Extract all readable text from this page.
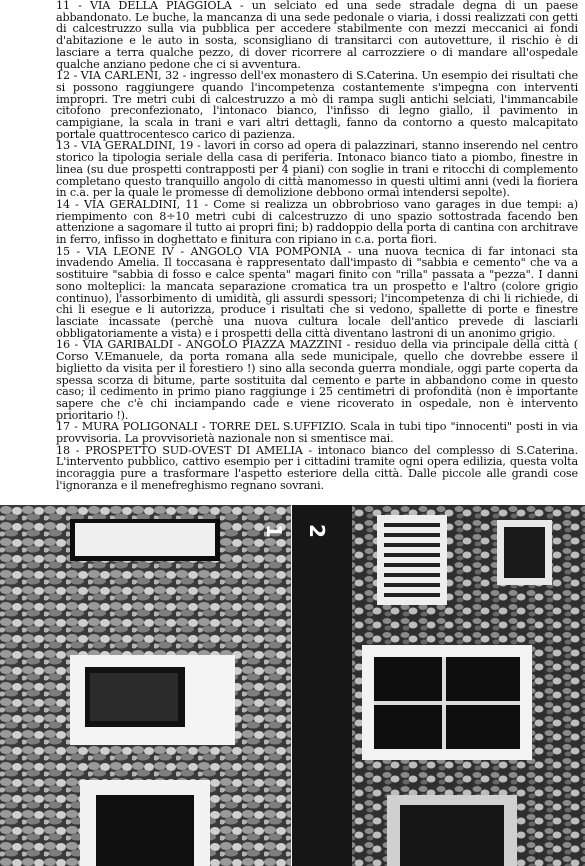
11 - VIA DELLA PIAGGIOLA - un selciato ed una sede stradale degna di un paese abbandonato. Le buche, la mancanza di una sede pedonale o viaria, i dossi realizzati con getti di calcestruzzo sulla via pubblica per accedere stabilmente con mezzi meccanici ai fondi d'abitazione e le auto in sosta, sconsigliano di transitarci con autovetture, il rischio è di lasciare a terra qualche pezzo, di dover ricorrere al carrozziere o di mandare all'ospedale qualche anziano pedone che ci si avventura.

12 - VIA CARLENI, 32 - ingresso dell'ex monastero di S.Caterina. Un esempio dei risultati che si possono raggiungere quando l'incompetenza costantemente s'impegna con interventi impropri. Tre metri cubi di calcestruzzo a mò di rampa sugli antichi selciati, l'immancabile citofono preconfezionato, l'intonaco bianco, l'infisso di legno giallo, il pavimento in campigiane, la scala in trani e vari altri dettagli, fanno da contorno a questo malcapitato portale quattrocentesco carico di pazienza.

13 - VIA GERALDINI, 19 - lavori in corso ad opera di palazzinari, stanno inserendo nel centro storico la tipologia seriale della casa di periferia. Intonaco bianco tiato a piombo, finestre in linea (su due prospetti contrapposti per 4 piani) con soglie in trani e ritocchi di complemento completano questo tranquillo angolo di città manomesso in questi ultimi anni (vedi la fioriera in c.a. per la quale le promesse di demolizione debbono ormai intendersi sepolte).

14 - VIA GERALDINI, 11 - Come si realizza un obbrobrioso vano garages in due tempi: a) riempimento con 8÷10 metri cubi di calcestruzzo di uno spazio sottostrada facendo ben attenzione a sagomare il tutto ai propri fini; b) raddoppio della porta di cantina con architrave in ferro, infisso in doghettato e finitura con ripiano in c.a. porta fiori.

15 - VIA LEONE IV - ANGOLO VIA POMPONIA - una nuova tecnica di far intonaci sta invadendo Amelia. Il toccasana è rappresentato dall'impasto di "sabbia e cemento" che va a sostituire "sabbia di fosso e calce spenta" magari finito con "rilla" passata a "pezza". I danni sono molteplici: la mancata separazione cromatica tra un prospetto e l'altro (colore grigio continuo), l'assorbimento di umidità, gli assurdi spessori; l'incompetenza di chi li richiede, di chi li esegue e li autorizza, produce i risultati che si vedono, spallette di porte e finestre lasciate incassate (perchè una nuova cultura locale dell'antico prevede di lasciarli obbligatoriamente a vista) e i prospetti della città diventano lastroni di un anonimo grigio.

16 - VIA GARIBALDI - ANGOLO PIAZZA MAZZINI - residuo della via principale della città ( Corso V.Emanuele, da porta romana alla sede municipale, quello che dovrebbe essere il biglietto da visita per il forestiero !) sino alla seconda guerra mondiale, oggi parte coperta da spessa scorza di bitume, parte sostituita dal cemento e parte in abbandono come in questo caso; il cedimento in primo piano raggiunge i 25 centimetri di profondità (non è importante sapere che c'è chi inciampando cade e viene ricoverato in ospedale, non è intervento prioritario !).

17 - MURA POLIGONALI - TORRE DEL S.UFFIZIO. Scala in tubi tipo "innocenti" posti in via provvisoria. La provvisorietà nazionale non si smentisce mai.

18 - PROSPETTO SUD-OVEST DI AMELIA - intonaco bianco del complesso di S.Caterina. L'intervento pubblico, cattivo esempio per i cittadini tramite ogni opera edilizia, questa volta incoraggia pure a trasformare l'aspetto esteriore della città. Dalle piccole alle grandi cose l'ignoranza e il menefreghismo regnano sovrani.

1 2
